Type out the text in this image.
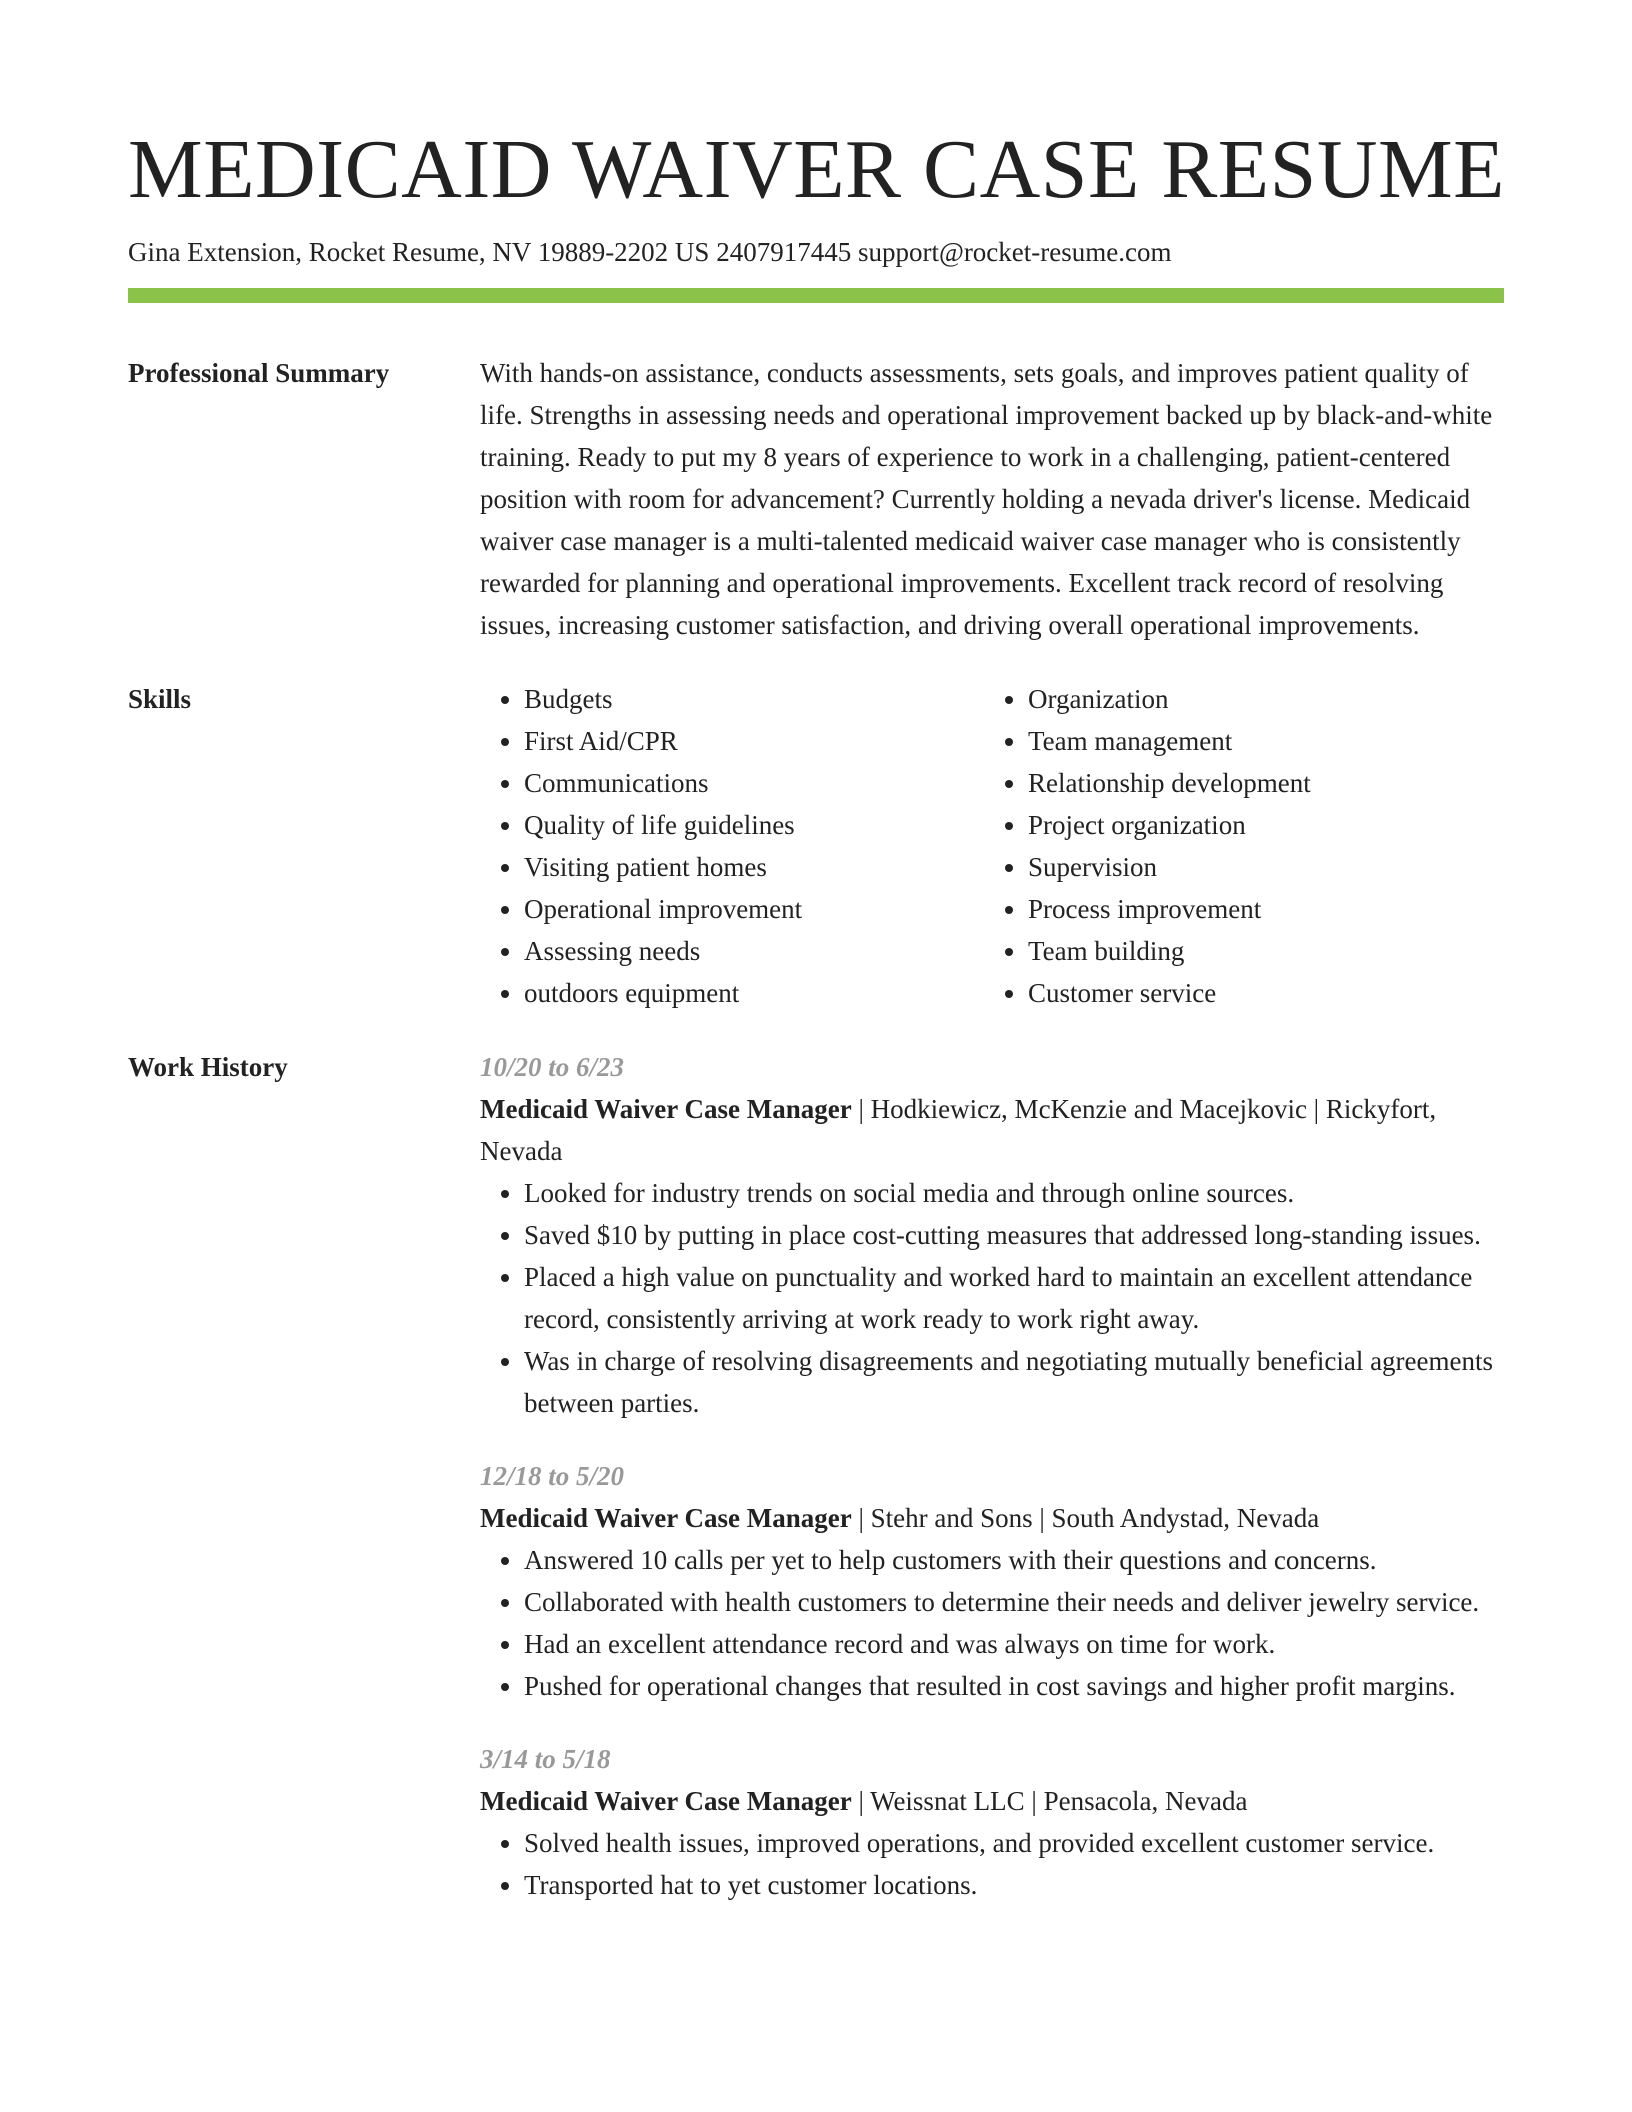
MEDICAID WAIVER CASE RESUME
Gina Extension, Rocket Resume, NV 19889-2202 US 2407917445 support@rocket-resume.com
Professional Summary	With hands-on assistance, conducts assessments, sets goals, and improves patient quality of life. Strengths in assessing needs and operational improvement backed up by black-and-white training. Ready to put my 8 years of experience to work in a challenging, patient-centered position with room for advancement? Currently holding a nevada driver's license. Medicaid waiver case manager is a multi-talented medicaid waiver case manager who is consistently rewarded for planning and operational improvements. Excellent track record of resolving issues, increasing customer satisfaction, and driving overall operational improvements.

Skills
•	Budgets
• First Aid/CPR
• Communications
• Quality of life guidelines
• Visiting patient homes
• Operational improvement
• Assessing needs
• outdoors equipment
• Organization
• Team management
• Relationship development
• Project organization
• Supervision
• Process improvement
• Team building
• Customer service
Work History	10/20 to 6/23
Medicaid Waiver Case Manager | Hodkiewicz, McKenzie and Macejkovic | Rickyfort, Nevada
• Looked for industry trends on social media and through online sources.
• Saved $10 by putting in place cost-cutting measures that addressed long-standing issues.
• Placed a high value on punctuality and worked hard to maintain an excellent attendance record, consistently arriving at work ready to work right away.
• Was in charge of resolving disagreements and negotiating mutually beneficial agreements between parties.
12/18 to 5/20
Medicaid Waiver Case Manager | Stehr and Sons | South Andystad, Nevada
• Answered 10 calls per yet to help customers with their questions and concerns.
• Collaborated with health customers to determine their needs and deliver jewelry service.
• Had an excellent attendance record and was always on time for work.
• Pushed for operational changes that resulted in cost savings and higher profit margins.
3/14 to 5/18
Medicaid Waiver Case Manager | Weissnat LLC | Pensacola, Nevada
• Solved health issues, improved operations, and provided excellent customer service.
• Transported hat to yet customer locations.
